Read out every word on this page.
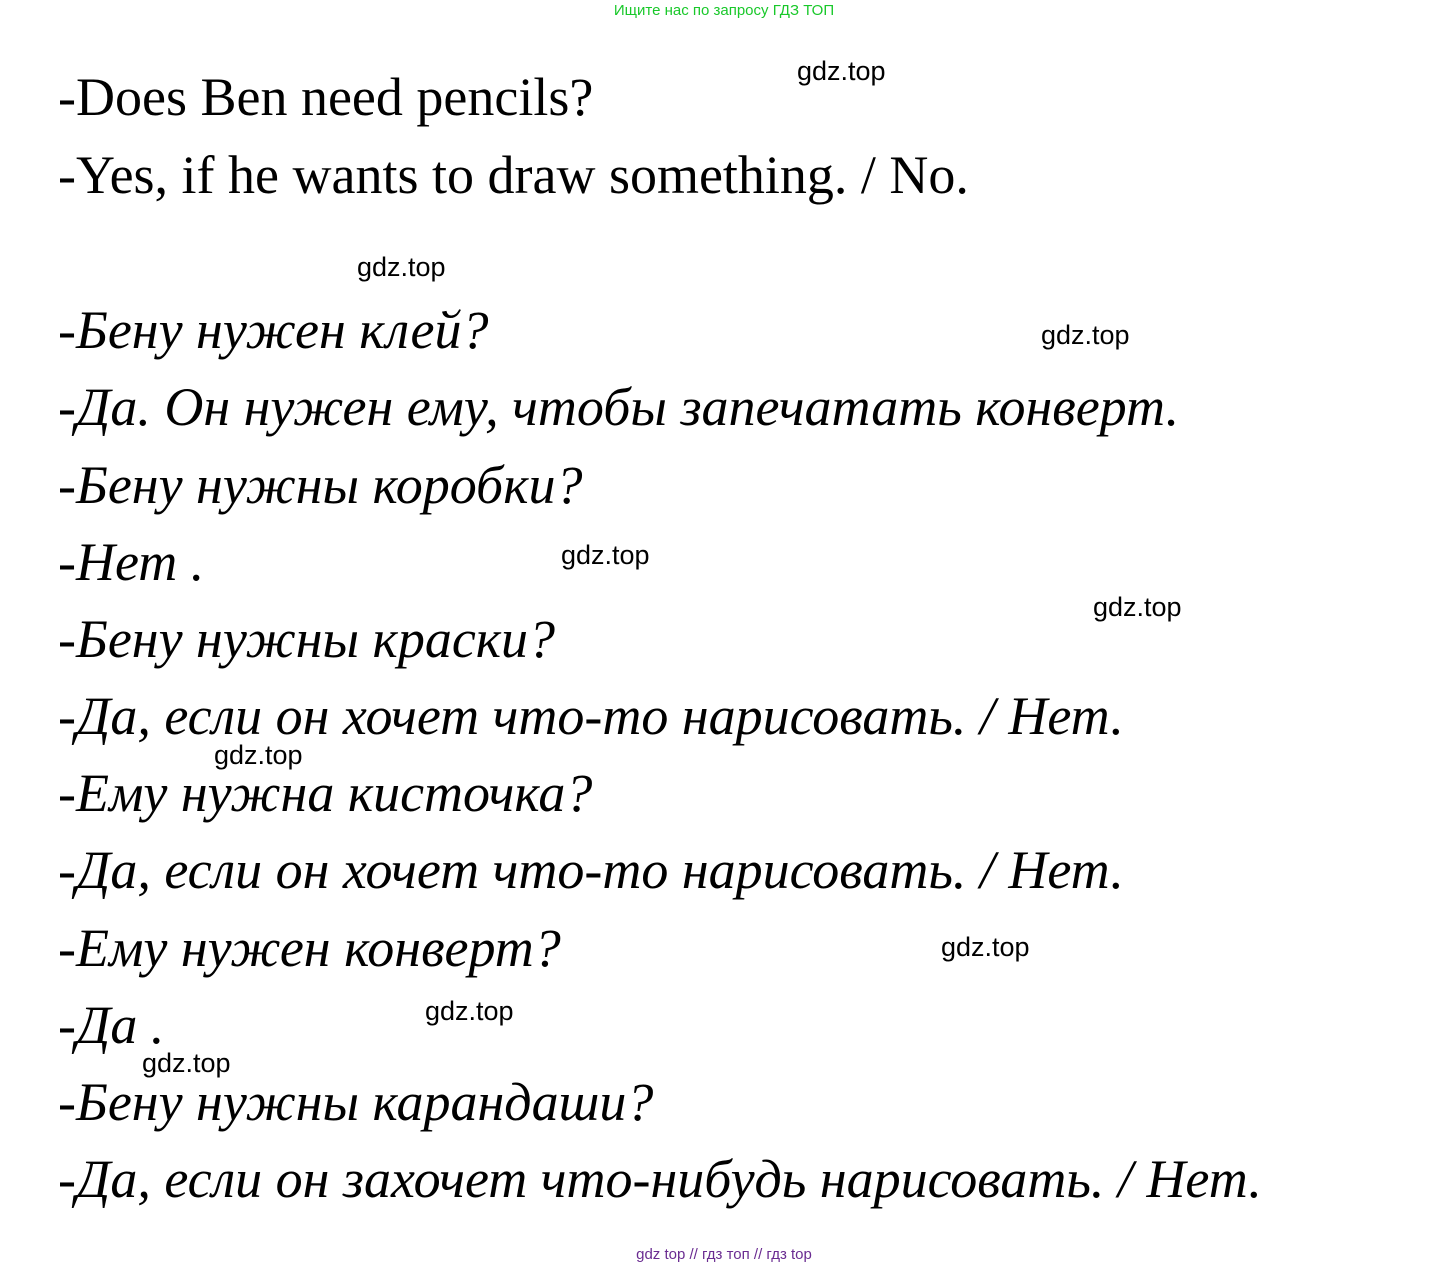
Ищите нас по запросу ГДЗ ТОП

-Does Ben need pencils?

-Yes, if he wants to draw something. / No.

-Бену нужен клей?

-Да. Он нужен ему, чтобы запечатать конверт.

-Бену нужны коробки?

-Нет .

-Бену нужны краски?

-Да, если он хочет что-то нарисовать. / Нет.

-Ему нужна кисточка?

-Да, если он хочет что-то нарисовать. / Нет.

-Ему нужен конверт?

-Да .

-Бену нужны карандаши?

-Да, если он захочет что-нибудь нарисовать. / Нет.

gdz.top
gdz.top
gdz.top
gdz.top
gdz.top
gdz.top
gdz.top
gdz.top
gdz.top
gdz top // гдз топ // гдз top
